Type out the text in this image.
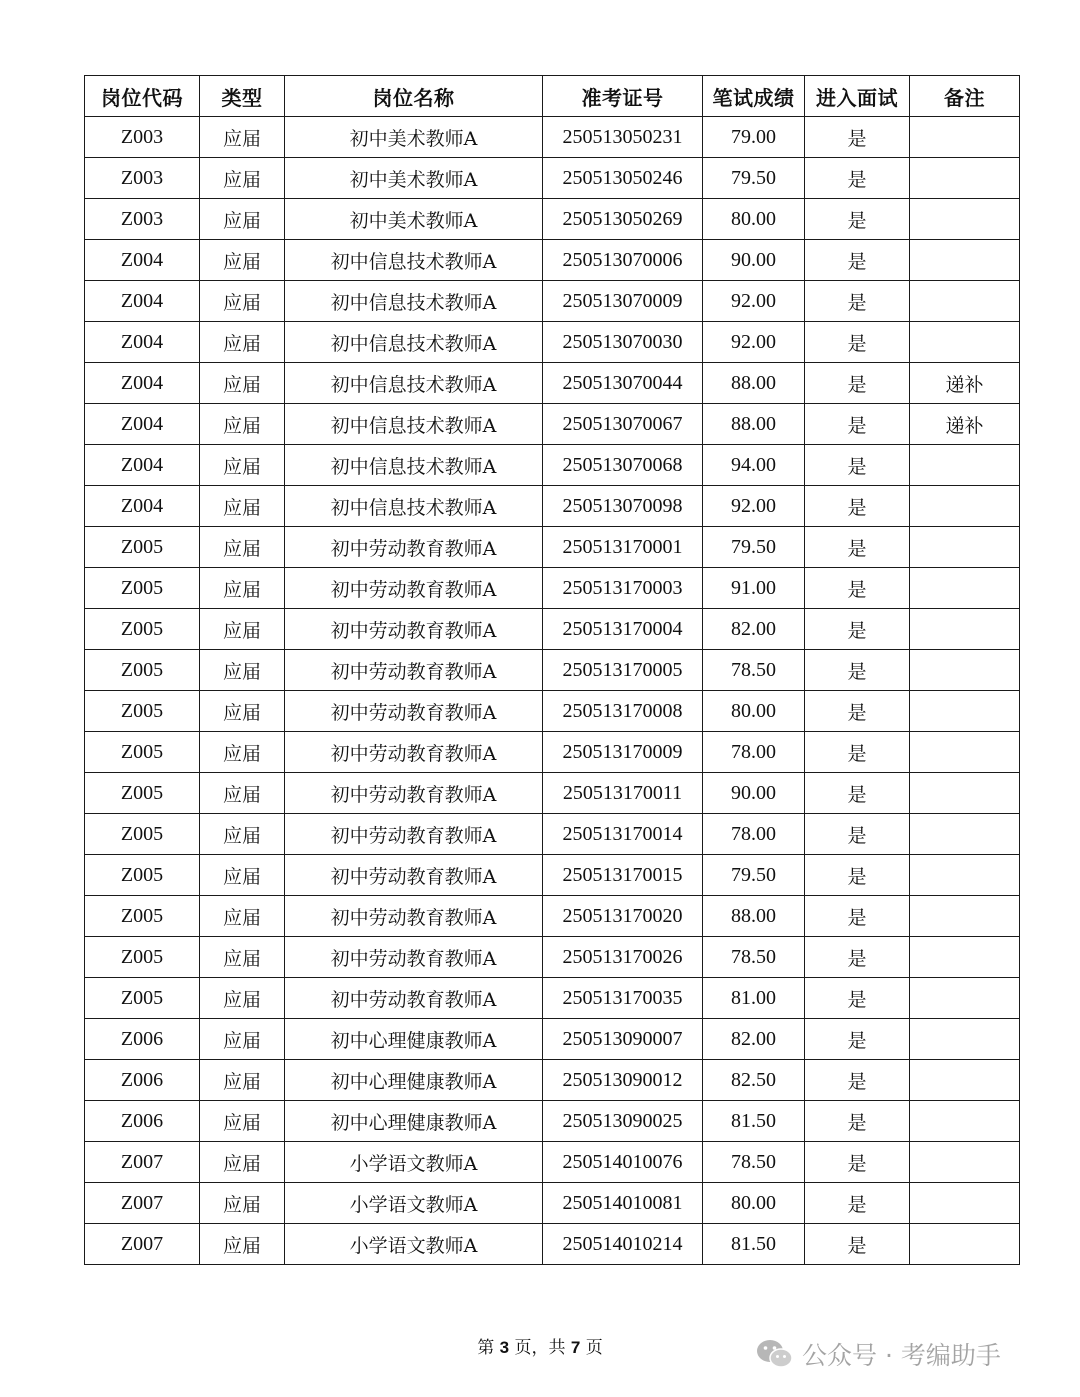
岗位代码	类型	岗位名称	准考证号	笔试成绩	进入面试	备注
Z003	应届	初中美术教师A	250513050231	79.00	是	
Z003	应届	初中美术教师A	250513050246	79.50	是	
Z003	应届	初中美术教师A	250513050269	80.00	是	
Z004	应届	初中信息技术教师A	250513070006	90.00	是	
Z004	应届	初中信息技术教师A	250513070009	92.00	是	
Z004	应届	初中信息技术教师A	250513070030	92.00	是	
Z004	应届	初中信息技术教师A	250513070044	88.00	是	递补
Z004	应届	初中信息技术教师A	250513070067	88.00	是	递补
Z004	应届	初中信息技术教师A	250513070068	94.00	是	
Z004	应届	初中信息技术教师A	250513070098	92.00	是	
Z005	应届	初中劳动教育教师A	250513170001	79.50	是	
Z005	应届	初中劳动教育教师A	250513170003	91.00	是	
Z005	应届	初中劳动教育教师A	250513170004	82.00	是	
Z005	应届	初中劳动教育教师A	250513170005	78.50	是	
Z005	应届	初中劳动教育教师A	250513170008	80.00	是	
Z005	应届	初中劳动教育教师A	250513170009	78.00	是	
Z005	应届	初中劳动教育教师A	250513170011	90.00	是	
Z005	应届	初中劳动教育教师A	250513170014	78.00	是	
Z005	应届	初中劳动教育教师A	250513170015	79.50	是	
Z005	应届	初中劳动教育教师A	250513170020	88.00	是	
Z005	应届	初中劳动教育教师A	250513170026	78.50	是	
Z005	应届	初中劳动教育教师A	250513170035	81.00	是	
Z006	应届	初中心理健康教师A	250513090007	82.00	是	
Z006	应届	初中心理健康教师A	250513090012	82.50	是	
Z006	应届	初中心理健康教师A	250513090025	81.50	是	
Z007	应届	小学语文教师A	250514010076	78.50	是	
Z007	应届	小学语文教师A	250514010081	80.00	是	
Z007	应届	小学语文教师A	250514010214	81.50	是	
第 3 页，共 7 页	公众号 · 考编助手
